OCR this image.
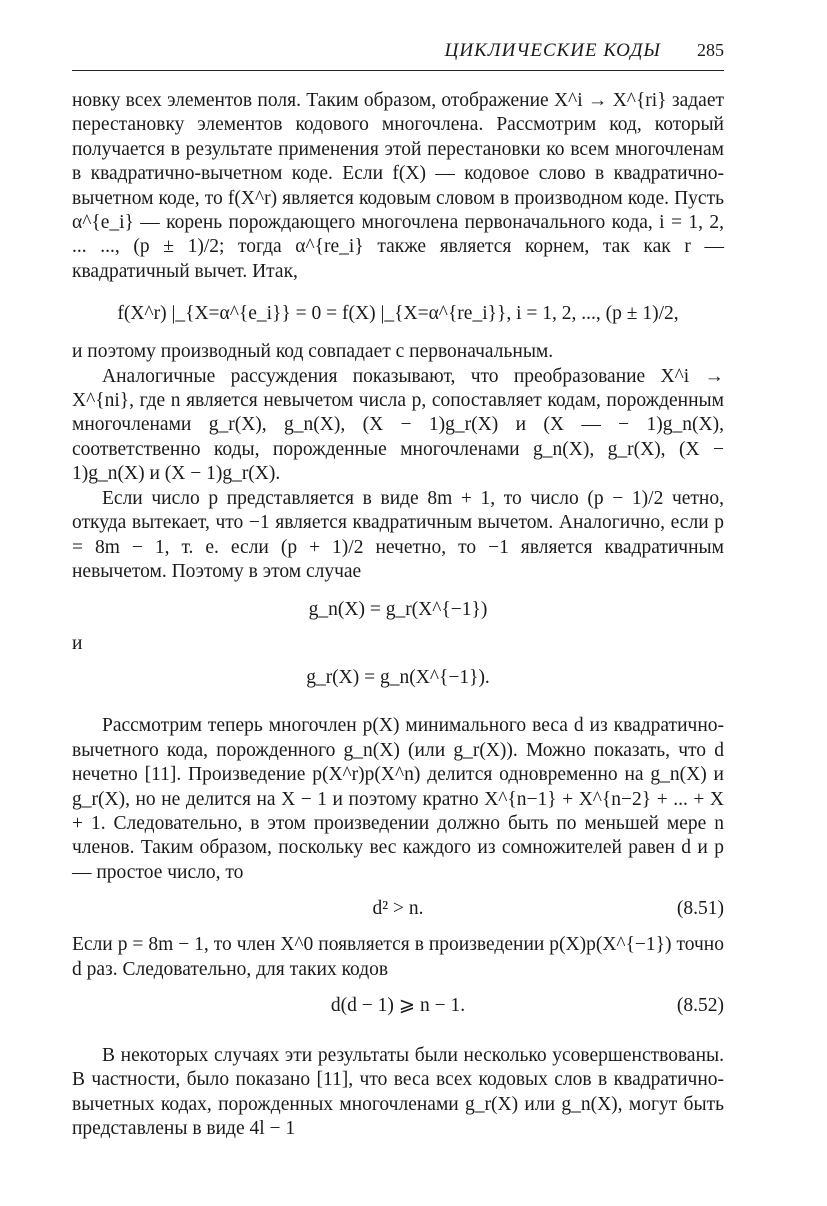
ЦИКЛИЧЕСКИЕ КОДЫ 285

новку всех элементов поля. Таким образом, отображение X^i → X^{ri} задает перестановку элементов кодового многочлена. Рассмотрим код, который получается в результате применения этой перестановки ко всем многочленам в квадратично-вычетном коде. Если f(X) — кодовое слово в квадратично-вычетном коде, то f(X^r) является кодовым словом в производном коде. Пусть α^{e_i} — корень порождающего многочлена первоначального кода, i = 1, 2, ... ..., (p ± 1)/2; тогда α^{re_i} также является корнем, так как r — квадратичный вычет. Итак,

f(X^r) |_{X=α^{e_i}} = 0 = f(X) |_{X=α^{re_i}}, i = 1, 2, ..., (p ± 1)/2,

и поэтому производный код совпадает с первоначальным.

Аналогичные рассуждения показывают, что преобразование X^i → X^{ni}, где n является невычетом числа p, сопоставляет кодам, порожденным многочленами g_r(X), g_n(X), (X − 1)g_r(X) и (X — − 1)g_n(X), соответственно коды, порожденные многочленами g_n(X), g_r(X), (X − 1)g_n(X) и (X − 1)g_r(X).

Если число p представляется в виде 8m + 1, то число (p − 1)/2 четно, откуда вытекает, что −1 является квадратичным вычетом. Аналогично, если p = 8m − 1, т. е. если (p + 1)/2 нечетно, то −1 является квадратичным невычетом. Поэтому в этом случае

g_n(X) = g_r(X^{−1})

и

g_r(X) = g_n(X^{−1}).

Рассмотрим теперь многочлен p(X) минимального веса d из квадратично-вычетного кода, порожденного g_n(X) (или g_r(X)). Можно показать, что d нечетно [11]. Произведение p(X^r)p(X^n) делится одновременно на g_n(X) и g_r(X), но не делится на X − 1 и поэтому кратно X^{n−1} + X^{n−2} + ... + X + 1. Следовательно, в этом произведении должно быть по меньшей мере n членов. Таким образом, поскольку вес каждого из сомножителей равен d и p — простое число, то

d² > n.	(8.51)

Если p = 8m − 1, то член X^0 появляется в произведении p(X)p(X^{−1}) точно d раз. Следовательно, для таких кодов

d(d − 1) ⩾ n − 1.	(8.52)

В некоторых случаях эти результаты были несколько усовершенствованы. В частности, было показано [11], что веса всех кодовых слов в квадратично-вычетных кодах, порожденных многочленами g_r(X) или g_n(X), могут быть представлены в виде 4l − 1
